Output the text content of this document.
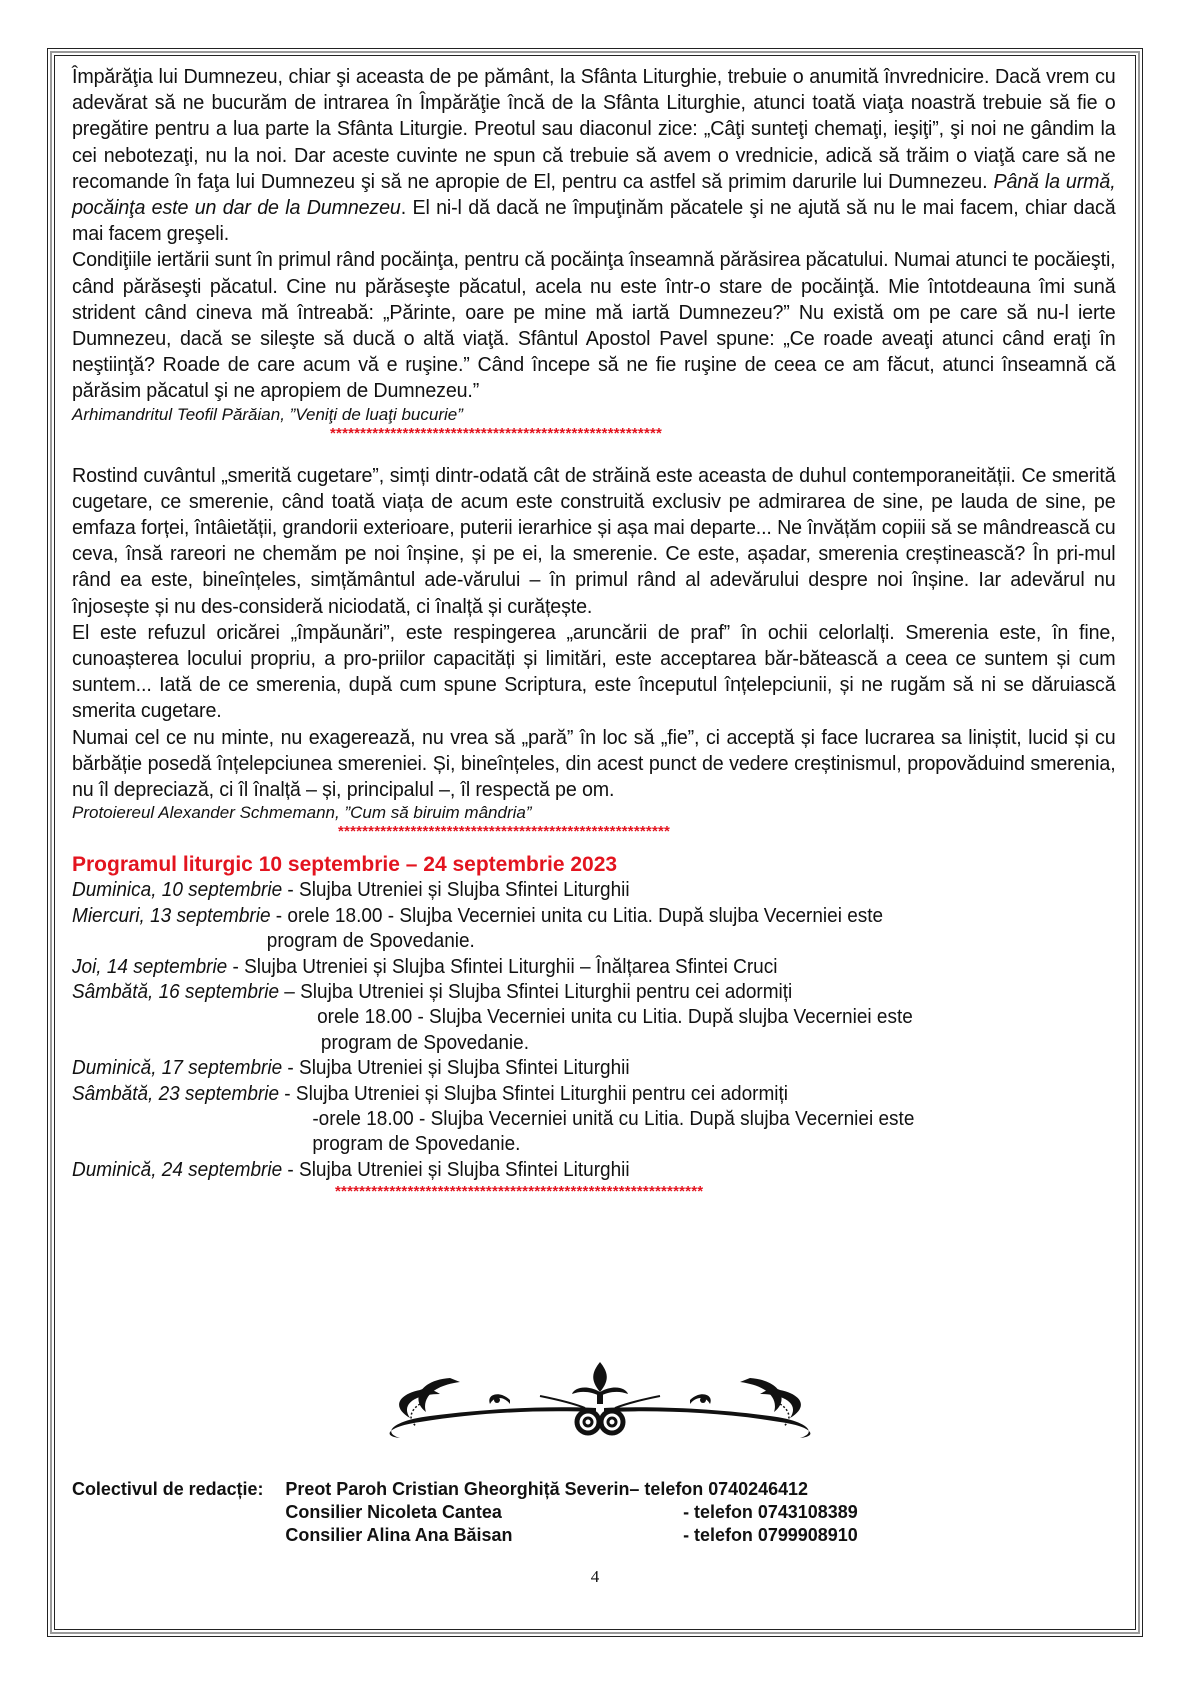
Împărăţia lui Dumnezeu, chiar şi aceasta de pe pământ, la Sfânta Liturghie, trebuie o anumită învrednicire. Dacă vrem cu adevărat să ne bucurăm de intrarea în Împărăţie încă de la Sfânta Liturghie, atunci toată viaţa noastră trebuie să fie o pregătire pentru a lua parte la Sfânta Liturgie. Preotul sau diaconul zice: „Câţi sunteţi chemaţi, ieşiţi”, şi noi ne gândim la cei nebotezaţi, nu la noi. Dar aceste cuvinte ne spun că trebuie să avem o vrednicie, adică să trăim o viaţă care să ne recomande în faţa lui Dumnezeu şi să ne apropie de El, pentru ca astfel să primim darurile lui Dumnezeu. Până la urmă, pocăinţa este un dar de la Dumnezeu. El ni-l dă dacă ne împuţinăm păcatele şi ne ajută să nu le mai facem, chiar dacă mai facem greşeli.

Condiţiile iertării sunt în primul rând pocăinţa, pentru că pocăinţa înseamnă părăsirea păcatului. Numai atunci te pocăieşti, când părăseşti păcatul. Cine nu părăseşte păcatul, acela nu este într-o stare de pocăinţă. Mie întotdeauna îmi sună strident când cineva mă întreabă: „Părinte, oare pe mine mă iartă Dumnezeu?” Nu există om pe care să nu-l ierte Dumnezeu, dacă se sileşte să ducă o altă viaţă. Sfântul Apostol Pavel spune: „Ce roade aveaţi atunci când eraţi în neştiinţă? Roade de care acum vă e ruşine.” Când începe să ne fie ruşine de ceea ce am făcut, atunci înseamnă că părăsim păcatul şi ne apropiem de Dumnezeu.”

Arhimandritul Teofil Părăian, ”Veniţi de luaţi bucurie”
*******************************************************

Rostind cuvântul „smerită cugetare”, simți dintr-odată cât de străină este aceasta de duhul contemporaneității. Ce smerită cugetare, ce smerenie, când toată viața de acum este construită exclusiv pe admirarea de sine, pe lauda de sine, pe emfaza forței, întâietății, grandorii exterioare, puterii ierarhice și așa mai departe... Ne învățăm copiii să se mândrească cu ceva, însă rareori ne chemăm pe noi înșine, și pe ei, la smerenie. Ce este, așadar, smerenia creștinească? În pri-mul rând ea este, bineînțeles, simțământul ade-vărului – în primul rând al adevărului despre noi înșine. Iar adevărul nu înjosește și nu des-consideră niciodată, ci înalță și curățește.

El este refuzul oricărei „împăunări”, este respingerea „aruncării de praf” în ochii celorlalți. Smerenia este, în fine, cunoașterea locului propriu, a pro-priilor capacități și limitări, este acceptarea băr-bătească a ceea ce suntem și cum suntem... Iată de ce smerenia, după cum spune Scriptura, este începutul înțelepciunii, și ne rugăm să ni se dăruiască smerita cugetare.

Numai cel ce nu minte, nu exagerează, nu vrea să „pară” în loc să „fie”, ci acceptă și face lucrarea sa liniștit, lucid și cu bărbăție posedă înțelepciunea smereniei. Și, bineînțeles, din acest punct de vedere creștinismul, propovăduind smerenia, nu îl depreciază, ci îl înalță – și, principalul –, îl respectă pe om.

Protoiereul Alexander Schmemann, ”Cum să biruim mândria”
*******************************************************
Programul liturgic 10 septembrie – 24 septembrie 2023
Duminica, 10 septembrie - Slujba Utreniei și Slujba Sfintei Liturghii
Miercuri, 13 septembrie - orele 18.00 - Slujba Vecerniei unita cu Litia. După slujba Vecerniei este
program de Spovedanie.
Joi, 14 septembrie - Slujba Utreniei și Slujba Sfintei Liturghii – Înălțarea Sfintei Cruci
Sâmbătă, 16 septembrie – Slujba Utreniei și Slujba Sfintei Liturghii pentru cei adormiți
orele 18.00 - Slujba Vecerniei unita cu Litia. După slujba Vecerniei este
program de Spovedanie.
Duminică, 17 septembrie - Slujba Utreniei și Slujba Sfintei Liturghii
Sâmbătă, 23 septembrie - Slujba Utreniei și Slujba Sfintei Liturghii pentru cei adormiți
-orele 18.00 - Slujba Vecerniei unită cu Litia. După slujba Vecerniei este
program de Spovedanie.
Duminică, 24 septembrie - Slujba Utreniei și Slujba Sfintei Liturghii
*************************************************************
Colectivul de redacție:	Preot Paroh Cristian Gheorghiță Severin – telefon 0740246412
Consilier Nicoleta Cantea	- telefon 0743108389
Consilier Alina Ana Băisan	- telefon 0799908910
4
